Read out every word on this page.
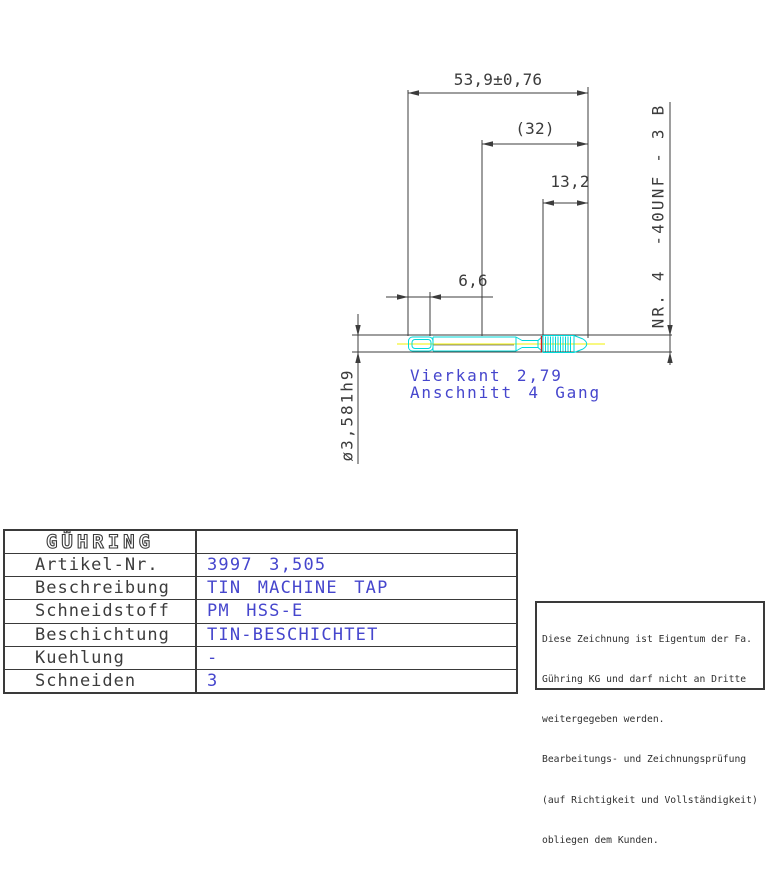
53,9±0,76
(32)
13,2
6,6
ø3,581h9
NR. 4  -40UNF - 3 B
Vierkant 2,79
Anschnitt 4 Gang
GÜHRING
Artikel-Nr.	3997 3,505
Beschreibung	TIN MACHINE TAP
Schneidstoff	PM HSS-E
Beschichtung	TIN-BESCHICHTET
Kuehlung	-
Schneiden	3

Diese Zeichnung ist Eigentum der Fa.

Gühring KG und darf nicht an Dritte

weitergegeben werden.

Bearbeitungs- und Zeichnungsprüfung

(auf Richtigkeit und Vollständigkeit)

obliegen dem Kunden.
